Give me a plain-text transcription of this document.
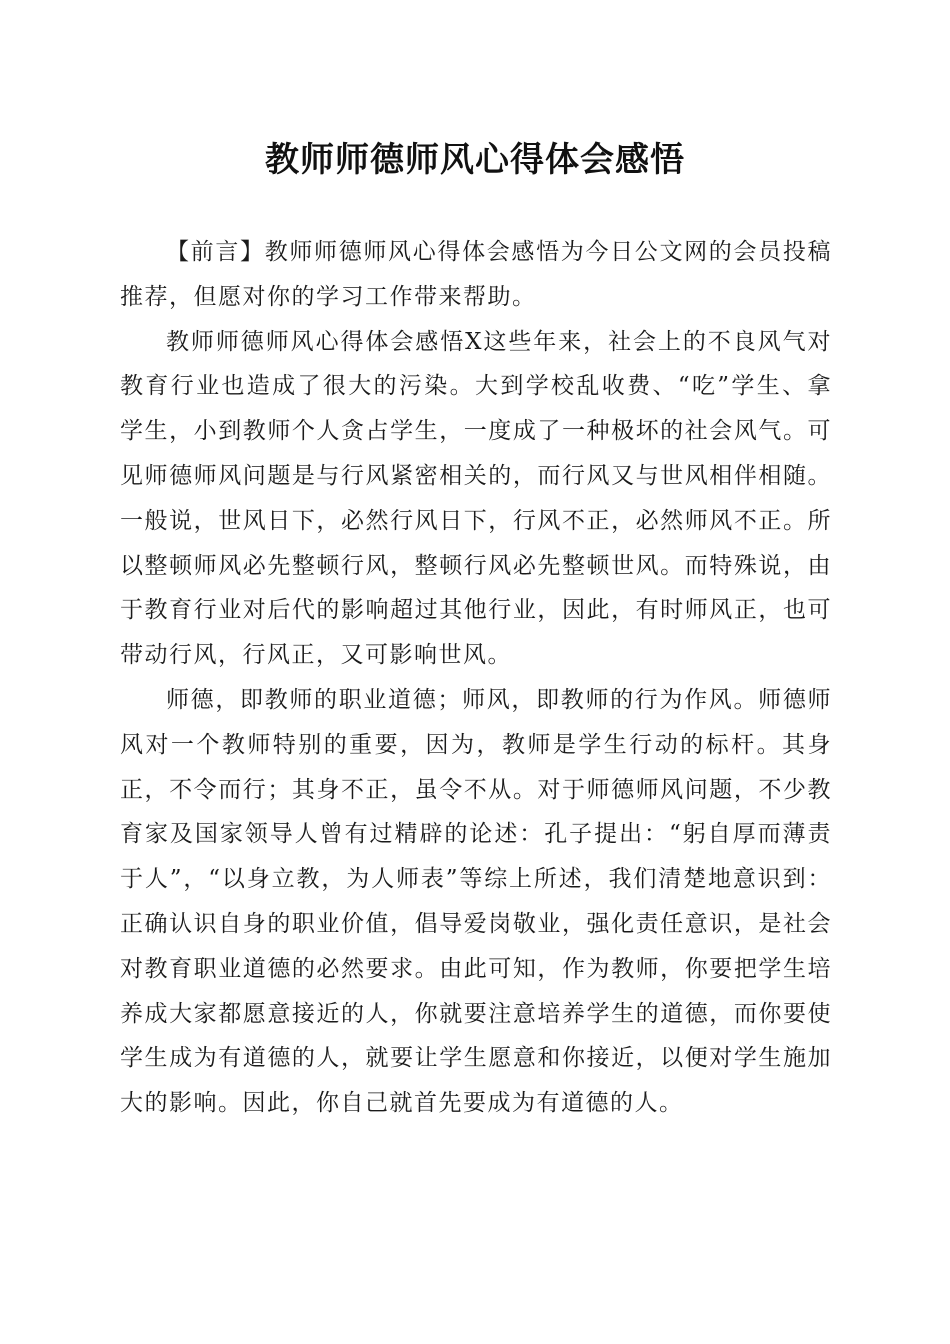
教师师德师风心得体会感悟

【前言】教师师德师风心得体会感悟为今日公文网的会员投稿推荐，但愿对你的学习工作带来帮助。

教师师德师风心得体会感悟X这些年来，社会上的不良风气对教育行业也造成了很大的污染。大到学校乱收费、“吃”学生、拿学生，小到教师个人贪占学生，一度成了一种极坏的社会风气。可见师德师风问题是与行风紧密相关的，而行风又与世风相伴相随。一般说，世风日下，必然行风日下，行风不正，必然师风不正。所以整顿师风必先整顿行风，整顿行风必先整顿世风。而特殊说，由于教育行业对后代的影响超过其他行业，因此，有时师风正，也可带动行风，行风正，又可影响世风。

师德，即教师的职业道德；师风，即教师的行为作风。师德师风对一个教师特别的重要，因为，教师是学生行动的标杆。其身正，不令而行；其身不正，虽令不从。对于师德师风问题，不少教育家及国家领导人曾有过精辟的论述：孔子提出：“躬自厚而薄责于人”，“以身立教，为人师表”等综上所述，我们清楚地意识到：正确认识自身的职业价值，倡导爱岗敬业，强化责任意识，是社会对教育职业道德的必然要求。由此可知，作为教师，你要把学生培养成大家都愿意接近的人，你就要注意培养学生的道德，而你要使学生成为有道德的人，就要让学生愿意和你接近，以便对学生施加大的影响。因此，你自己就首先要成为有道德的人。
